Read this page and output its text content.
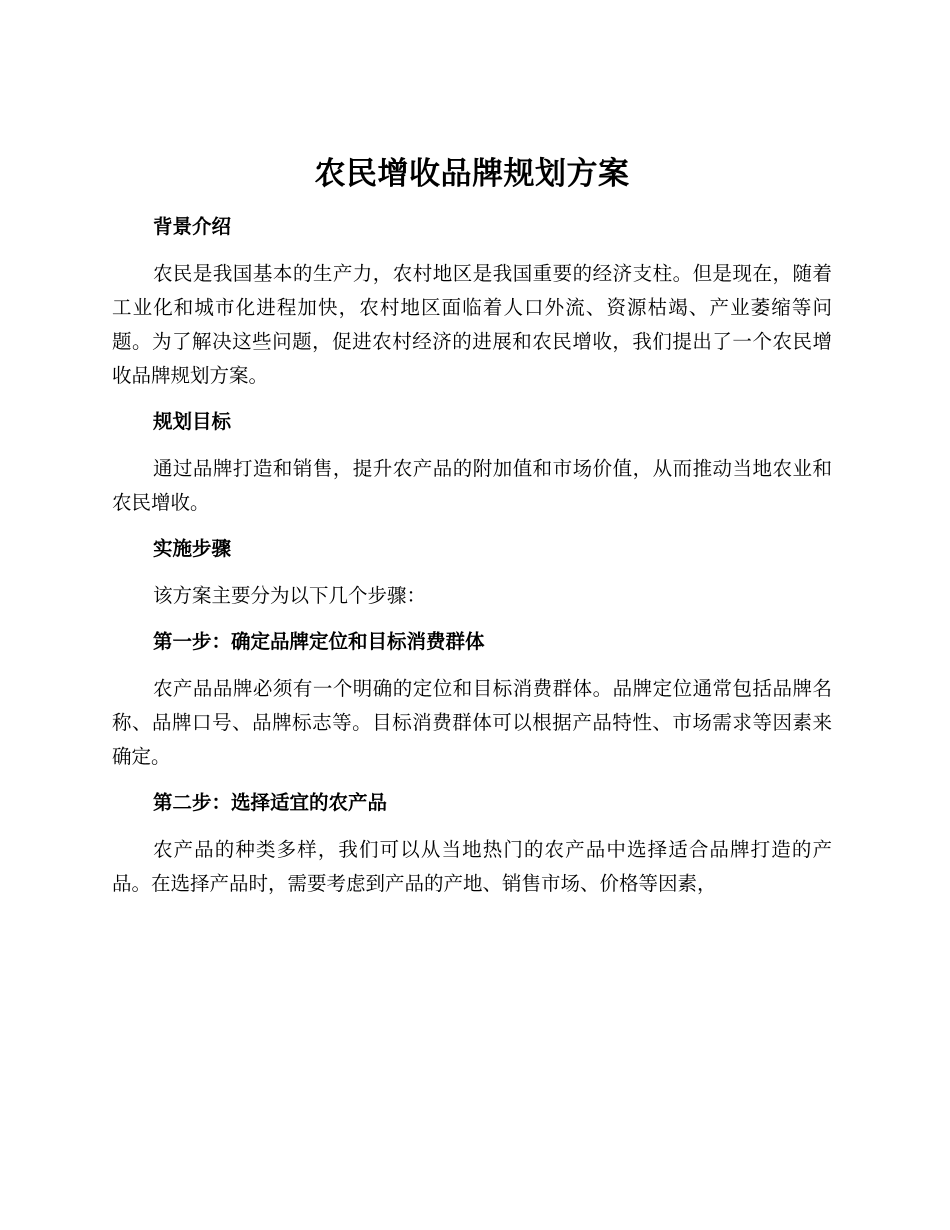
农民增收品牌规划方案

背景介绍

农民是我国基本的生产力，农村地区是我国重要的经济支柱。但是现在，随着工业化和城市化进程加快，农村地区面临着人口外流、资源枯竭、产业萎缩等问题。为了解决这些问题，促进农村经济的进展和农民增收，我们提出了一个农民增收品牌规划方案。

规划目标

通过品牌打造和销售，提升农产品的附加值和市场价值，从而推动当地农业和农民增收。

实施步骤

该方案主要分为以下几个步骤：

第一步：确定品牌定位和目标消费群体

农产品品牌必须有一个明确的定位和目标消费群体。品牌定位通常包括品牌名称、品牌口号、品牌标志等。目标消费群体可以根据产品特性、市场需求等因素来确定。

第二步：选择适宜的农产品

农产品的种类多样，我们可以从当地热门的农产品中选择适合品牌打造的产品。在选择产品时，需要考虑到产品的产地、销售市场、价格等因素，
